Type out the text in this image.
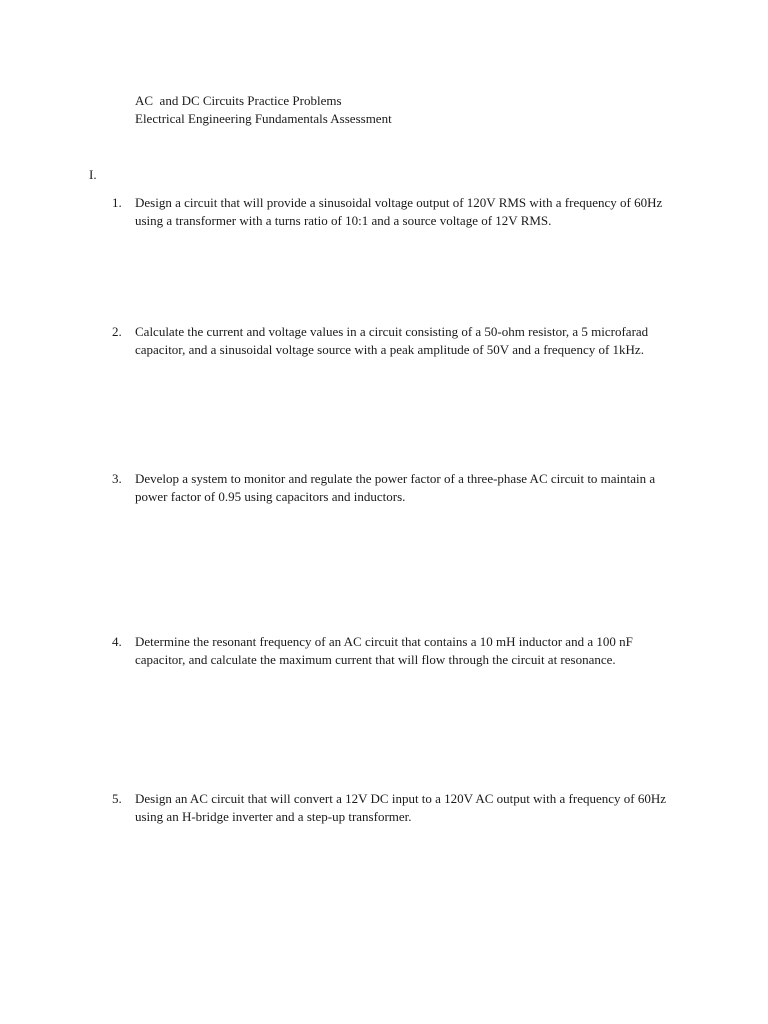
AC  and DC Circuits Practice Problems
Electrical Engineering Fundamentals Assessment
I.
1. Design a circuit that will provide a sinusoidal voltage output of 120V RMS with a frequency of 60Hz using a transformer with a turns ratio of 10:1 and a source voltage of 12V RMS.
2. Calculate the current and voltage values in a circuit consisting of a 50-ohm resistor, a 5 microfarad capacitor, and a sinusoidal voltage source with a peak amplitude of 50V and a frequency of 1kHz.
3. Develop a system to monitor and regulate the power factor of a three-phase AC circuit to maintain a power factor of 0.95 using capacitors and inductors.
4. Determine the resonant frequency of an AC circuit that contains a 10 mH inductor and a 100 nF capacitor, and calculate the maximum current that will flow through the circuit at resonance.
5. Design an AC circuit that will convert a 12V DC input to a 120V AC output with a frequency of 60Hz using an H-bridge inverter and a step-up transformer.
